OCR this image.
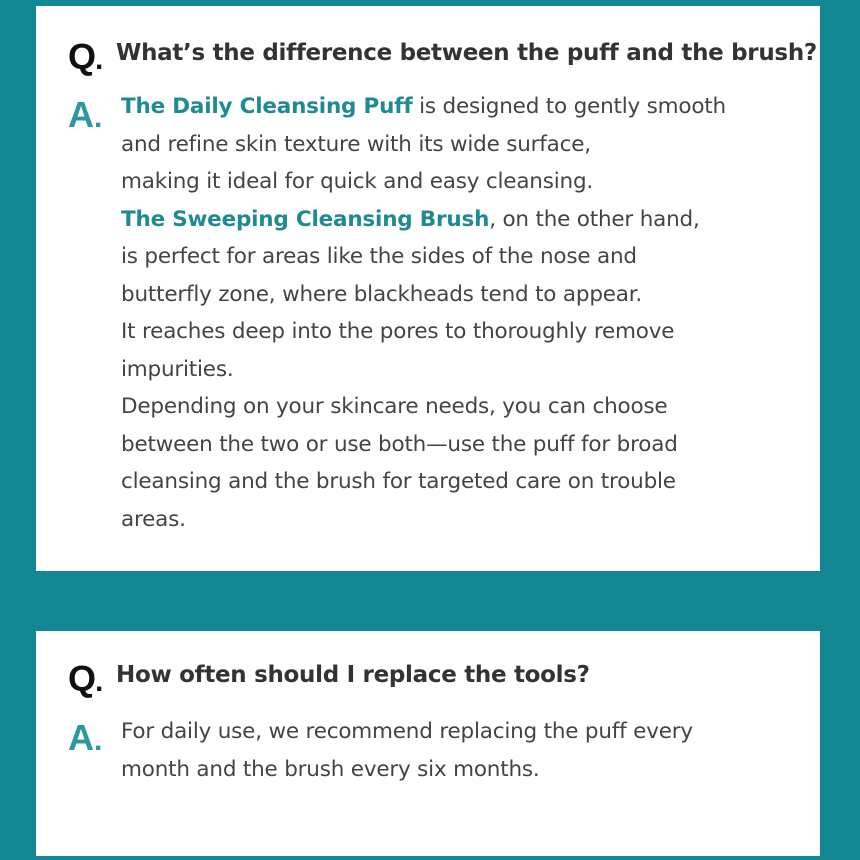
Q. What’s the difference between the puff and the brush?
A. The Daily Cleansing Puff is designed to gently smooth
and refine skin texture with its wide surface,
making it ideal for quick and easy cleansing.
The Sweeping Cleansing Brush, on the other hand,
is perfect for areas like the sides of the nose and
butterfly zone, where blackheads tend to appear.
It reaches deep into the pores to thoroughly remove
impurities.
Depending on your skincare needs, you can choose
between the two or use both—use the puff for broad
cleansing and the brush for targeted care on trouble
areas.
Q. How often should I replace the tools?
A. For daily use, we recommend replacing the puff every
month and the brush every six months.
